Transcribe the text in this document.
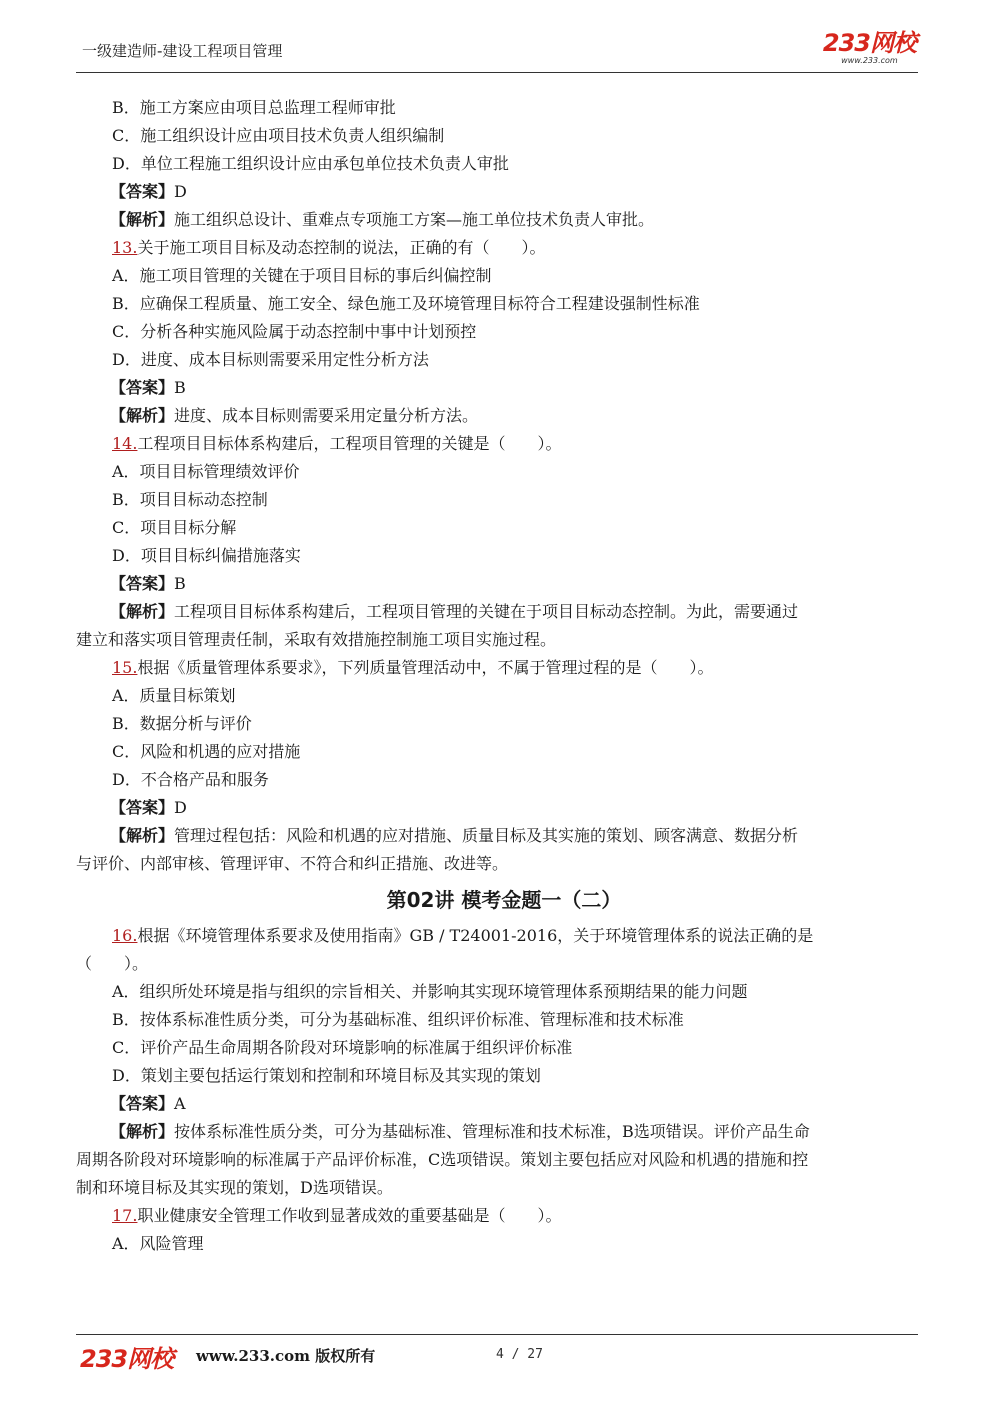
一级建造师-建设工程项目管理	233网校
www.233.com
B．施工方案应由项目总监理工程师审批
C．施工组织设计应由项目技术负责人组织编制
D．单位工程施工组织设计应由承包单位技术负责人审批
【答案】D
【解析】施工组织总设计、重难点专项施工方案—施工单位技术负责人审批。
13.关于施工项目目标及动态控制的说法，正确的有（　　）。
A．施工项目管理的关键在于项目目标的事后纠偏控制
B．应确保工程质量、施工安全、绿色施工及环境管理目标符合工程建设强制性标准
C．分析各种实施风险属于动态控制中事中计划预控
D．进度、成本目标则需要采用定性分析方法
【答案】B
【解析】进度、成本目标则需要采用定量分析方法。
14.工程项目目标体系构建后，工程项目管理的关键是（　　）。
A．项目目标管理绩效评价
B．项目目标动态控制
C．项目目标分解
D．项目目标纠偏措施落实
【答案】B
【解析】工程项目目标体系构建后，工程项目管理的关键在于项目目标动态控制。为此，需要通过
建立和落实项目管理责任制，采取有效措施控制施工项目实施过程。
15.根据《质量管理体系要求》，下列质量管理活动中，不属于管理过程的是（　　）。
A．质量目标策划
B．数据分析与评价
C．风险和机遇的应对措施
D．不合格产品和服务
【答案】D
【解析】管理过程包括：风险和机遇的应对措施、质量目标及其实施的策划、顾客满意、数据分析
与评价、内部审核、管理评审、不符合和纠正措施、改进等。
第02讲 模考金题一（二）
16.根据《环境管理体系要求及使用指南》GB / T24001-2016，关于环境管理体系的说法正确的是
（　　）。
A．组织所处环境是指与组织的宗旨相关、并影响其实现环境管理体系预期结果的能力问题
B．按体系标准性质分类，可分为基础标准、组织评价标准、管理标准和技术标准
C．评价产品生命周期各阶段对环境影响的标准属于组织评价标准
D．策划主要包括运行策划和控制和环境目标及其实现的策划
【答案】A
【解析】按体系标准性质分类，可分为基础标准、管理标准和技术标准，B选项错误。评价产品生命
周期各阶段对环境影响的标准属于产品评价标准，C选项错误。策划主要包括应对风险和机遇的措施和控
制和环境目标及其实现的策划，D选项错误。
17.职业健康安全管理工作收到显著成效的重要基础是（　　）。
A．风险管理
233网校 www.233.com 版权所有	4 / 27
